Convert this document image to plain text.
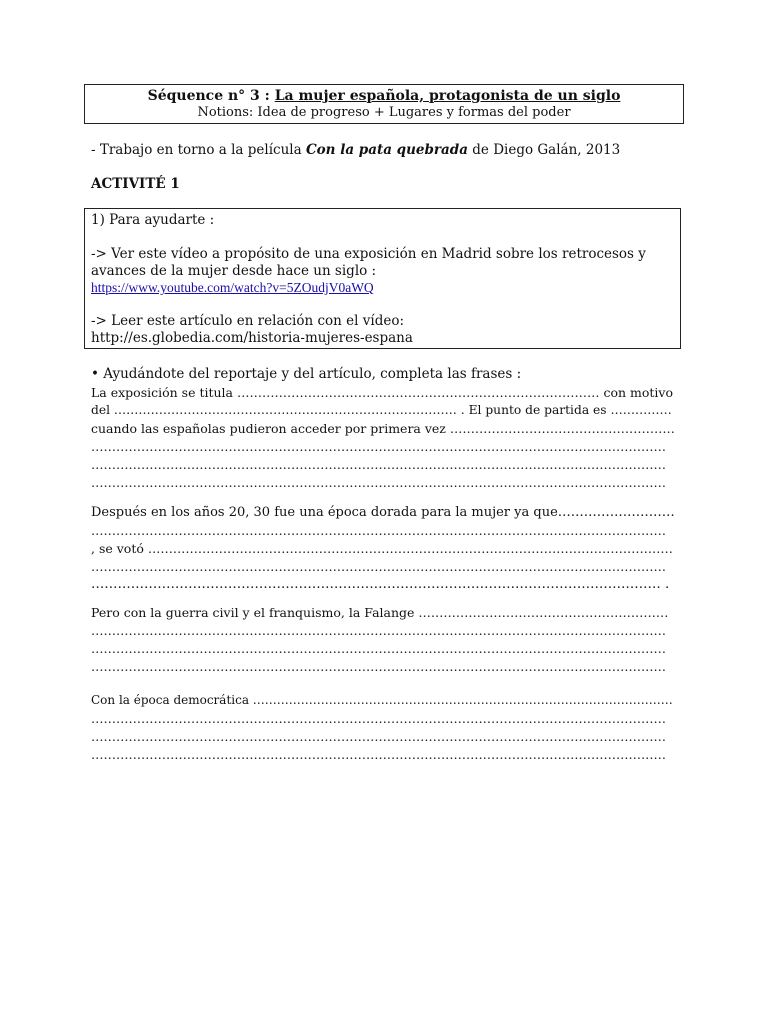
Séquence n° 3 : La mujer española, protagonista de un siglo
Notions: Idea de progreso + Lugares y formas del poder
- Trabajo en torno a la película Con la pata quebrada de Diego Galán, 2013
ACTIVITÉ 1
1) Para ayudarte :
-> Ver este vídeo a propósito de una exposición en Madrid sobre los retrocesos y
avances de la mujer desde hace un siglo :
https://www.youtube.com/watch?v=5ZOudjV0aWQ
-> Leer este artículo en relación con el vídeo:
http://es.globedia.com/historia-mujeres-espana
• Ayudándote del reportaje y del artículo, completa las frases :
La exposición se titula …………………………………………………………………………… con motivo
del ………………………………………………………………………… . El punto de partida es ……………
cuando las españolas pudieron acceder por primera vez ………………………………………………
…………………………………………………………………………………………………………………………
…………………………………………………………………………………………………………………………
…………………………………………………………………………………………………………………………
Después en los años 20, 30 fue una época dorada para la mujer ya que………………………
…………………………………………………………………………………………………………………………
, se votó ………………………………………………………………………………………………………………
…………………………………………………………………………………………………………………………
………………………………………………………………………………………………………………… .
Pero con la guerra civil y el franquismo, la Falange ……………………………………………………
…………………………………………………………………………………………………………………………
…………………………………………………………………………………………………………………………
…………………………………………………………………………………………………………………………
Con la época democrática ……………………………………………………………………………………………
…………………………………………………………………………………………………………………………
…………………………………………………………………………………………………………………………
…………………………………………………………………………………………………………………………
